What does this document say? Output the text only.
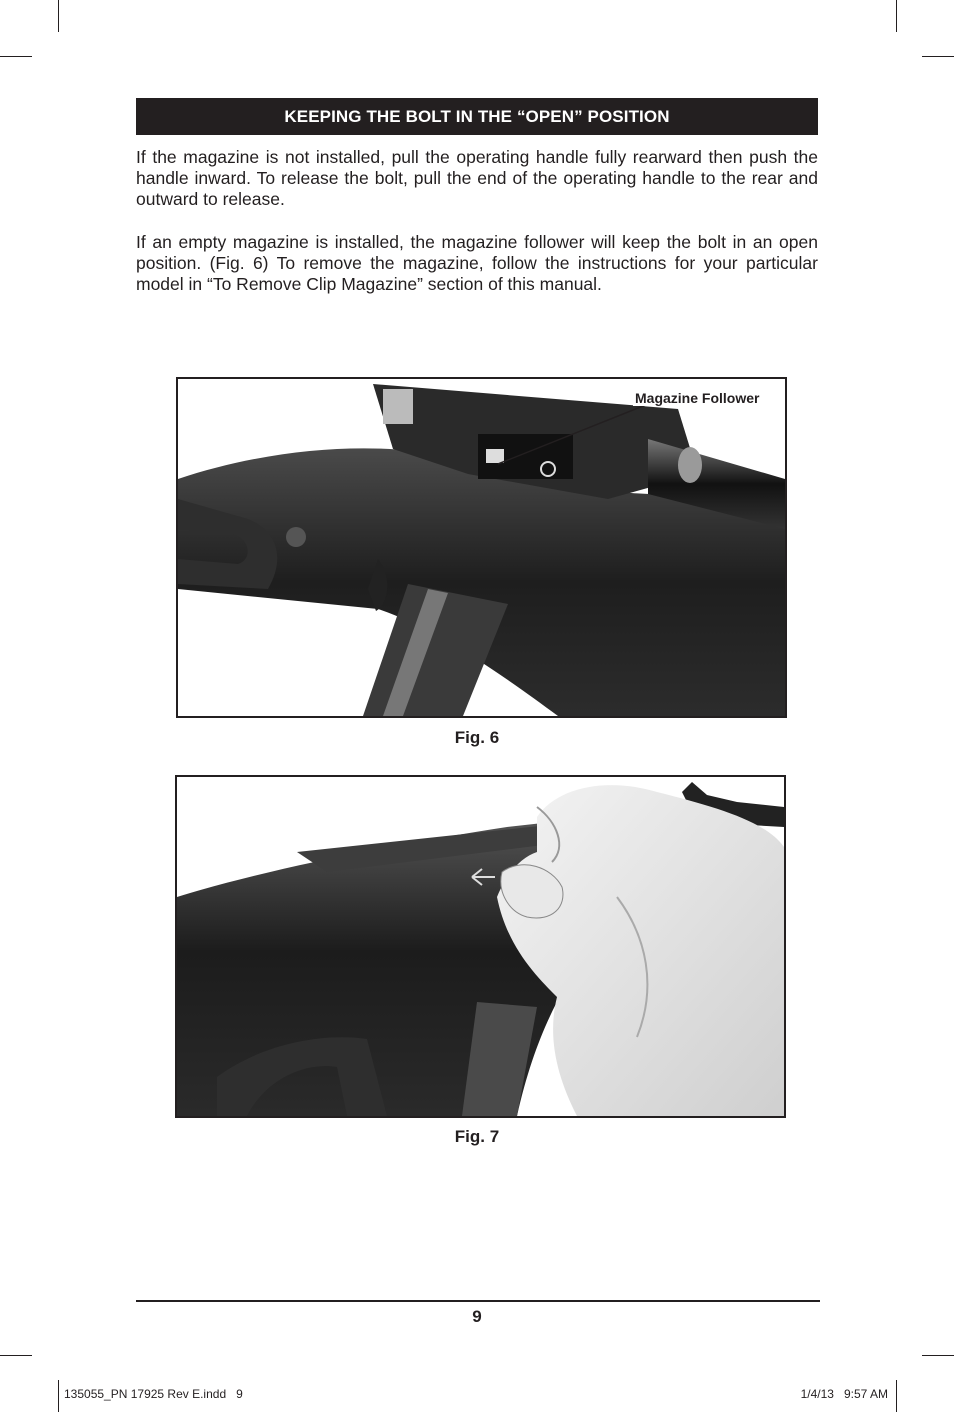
KEEPING THE BOLT IN THE “OPEN” POSITION

If the magazine is not installed, pull the operating handle fully rearward then push the handle inward. To release the bolt, pull the end of the operating handle to the rear and outward to release.

If an empty magazine is installed, the magazine follower will keep the bolt in an open position. (Fig. 6) To remove the magazine, follow the instructions for your particular model in “To Remove Clip Magazine” section of this manual.

Magazine Follower
Fig. 6
Fig. 7
9
135055_PN 17925 Rev E.indd   9	1/4/13   9:57 AM
